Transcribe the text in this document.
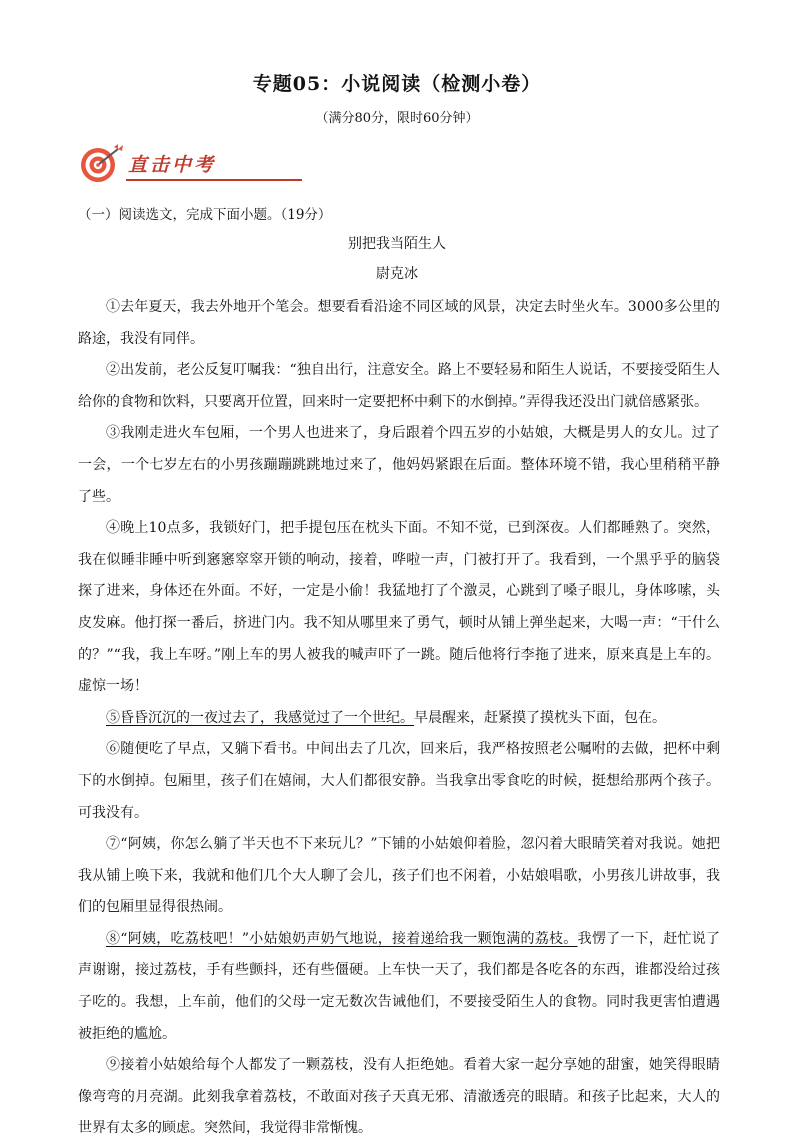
专题05：小说阅读（检测小卷）
（满分80分，限时60分钟）
直击中考
（一）阅读选文，完成下面小题。（19分）
别把我当陌生人
尉克冰

①去年夏天，我去外地开个笔会。想要看看沿途不同区域的风景，决定去时坐火车。3000多公里的路途，我没有同伴。

②出发前，老公反复叮嘱我：“独自出行，注意安全。路上不要轻易和陌生人说话，不要接受陌生人给你的食物和饮料，只要离开位置，回来时一定要把杯中剩下的水倒掉。”弄得我还没出门就倍感紧张。

③我刚走进火车包厢，一个男人也进来了，身后跟着个四五岁的小姑娘，大概是男人的女儿。过了一会，一个七岁左右的小男孩蹦蹦跳跳地过来了，他妈妈紧跟在后面。整体环境不错，我心里稍稍平静了些。

④晚上10点多，我锁好门，把手提包压在枕头下面。不知不觉，已到深夜。人们都睡熟了。突然，我在似睡非睡中听到窸窸窣窣开锁的响动，接着，哗啦一声，门被打开了。我看到，一个黑乎乎的脑袋探了进来，身体还在外面。不好，一定是小偷！我猛地打了个激灵，心跳到了嗓子眼儿，身体哆嗦，头皮发麻。他打探一番后，挤进门内。我不知从哪里来了勇气，顿时从铺上弹坐起来，大喝一声：“干什么的？”“我，我上车呀。”刚上车的男人被我的喊声吓了一跳。随后他将行李拖了进来，原来真是上车的。虚惊一场！

⑤昏昏沉沉的一夜过去了，我感觉过了一个世纪。早晨醒来，赶紧摸了摸枕头下面，包在。

⑥随便吃了早点，又躺下看书。中间出去了几次，回来后，我严格按照老公嘱咐的去做，把杯中剩下的水倒掉。包厢里，孩子们在嬉闹，大人们都很安静。当我拿出零食吃的时候，挺想给那两个孩子。可我没有。

⑦“阿姨，你怎么躺了半天也不下来玩儿？”下铺的小姑娘仰着脸，忽闪着大眼睛笑着对我说。她把我从铺上唤下来，我就和他们几个大人聊了会儿，孩子们也不闲着，小姑娘唱歌，小男孩儿讲故事，我们的包厢里显得很热闹。

⑧“阿姨，吃荔枝吧！”小姑娘奶声奶气地说，接着递给我一颗饱满的荔枝。我愣了一下，赶忙说了声谢谢，接过荔枝，手有些颤抖，还有些僵硬。上车快一天了，我们都是各吃各的东西，谁都没给过孩子吃的。我想，上车前，他们的父母一定无数次告诫他们，不要接受陌生人的食物。同时我更害怕遭遇被拒绝的尴尬。

⑨接着小姑娘给每个人都发了一颗荔枝，没有人拒绝她。看着大家一起分享她的甜蜜，她笑得眼睛像弯弯的月亮湖。此刻我拿着荔枝，不敢面对孩子天真无邪、清澈透亮的眼睛。和孩子比起来，大人的世界有太多的顾虑。突然间，我觉得非常惭愧。
